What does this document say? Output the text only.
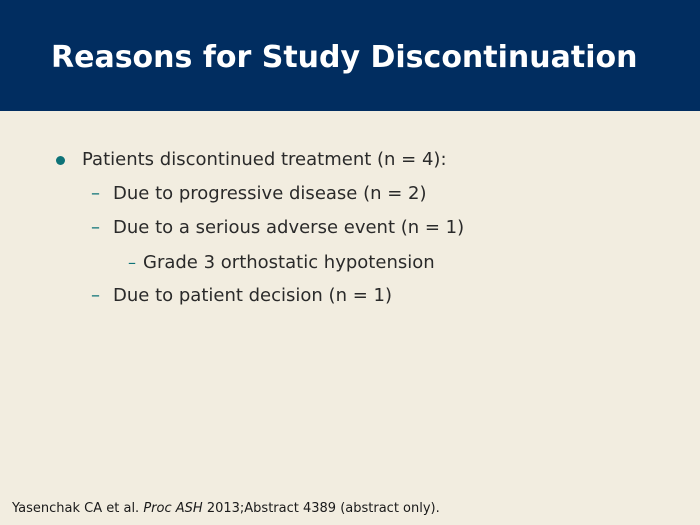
Reasons for Study Discontinuation
Patients discontinued treatment (n = 4):
– Due to progressive disease (n = 2)
– Due to a serious adverse event (n = 1)
– Grade 3 orthostatic hypotension
– Due to patient decision (n = 1)
Yasenchak CA et al. Proc ASH 2013;Abstract 4389 (abstract only).
